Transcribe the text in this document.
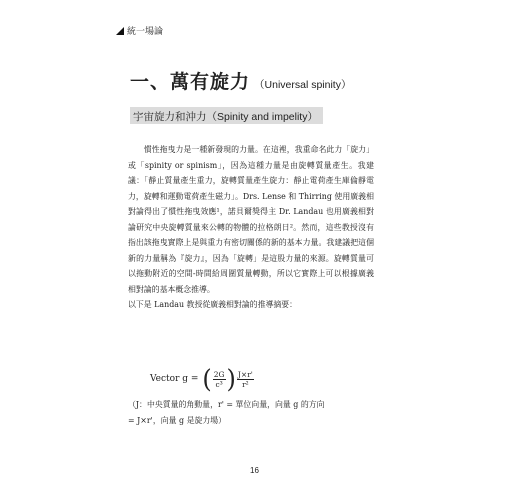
統一場論
一、萬有旋力 （Universal spinity）
宇宙旋力和沖力（Spinity and impelity）

慣性拖曳力是一種新發現的力量。在這裡，我重命名此力「旋力」或「spinity or spinism」，因為這種力量是由旋轉質量產生。我建議：「靜止質量產生重力，旋轉質量產生旋力：靜止電荷產生庫倫靜電力，旋轉和運動電荷產生磁力」。Drs. Lense 和 Thirring 使用廣義相對論得出了慣性拖曳效應¹，諾貝爾獎得主 Dr. Landau 也用廣義相對論研究中央旋轉質量來公轉的物體的拉格朗日²。然而，這些教授沒有指出該拖曳實際上是與重力有密切關係的新的基本力量。我建議把這個新的力量稱為『旋力』，因為「旋轉」是這股力量的來源。旋轉質量可以拖動附近的空間-時間給周圍質量轉動，所以它實際上可以根據廣義相對論的基本概念推導。

以下是 Landau 教授從廣義相對論的推導摘要：

Vector g = ( $\frac{2G}{\text{c³}}$ ) $\frac{J\times r'}{\text{r²}}$

（J：中央質量的角動量，r' = 單位向量，向量 g 的方向

= J×r'，向量 g 是旋力場）

16
